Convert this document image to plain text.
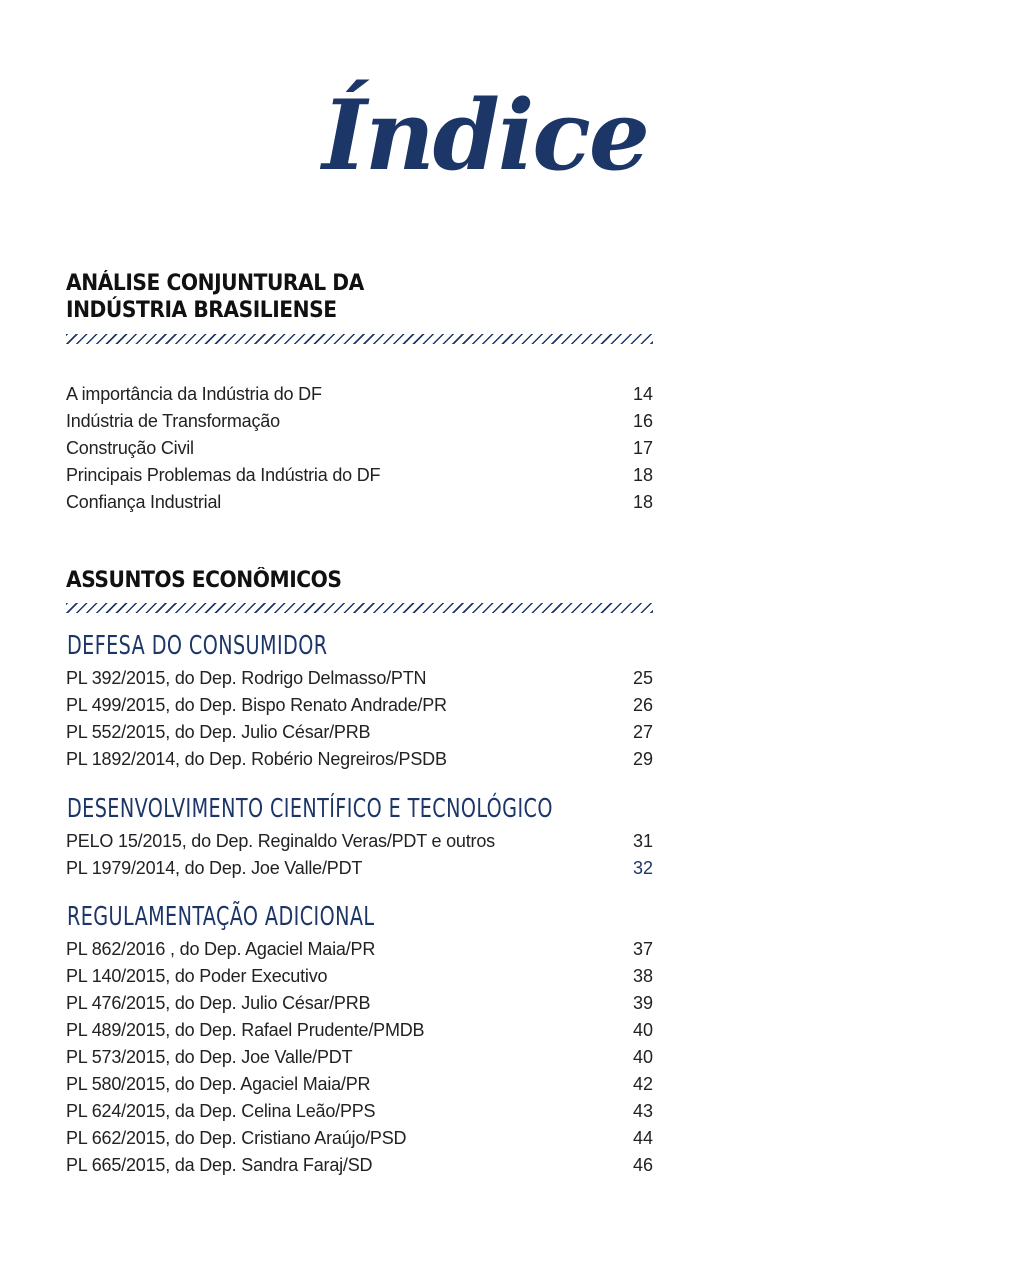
Índice
ANÁLISE CONJUNTURAL DA
INDÚSTRIA BRASILIENSE
A importância da Indústria do DF	14
Indústria de Transformação	16
Construção Civil	17
Principais Problemas da Indústria do DF	18
Confiança Industrial	18
ASSUNTOS ECONÔMICOS
DEFESA DO CONSUMIDOR
PL 392/2015, do Dep. Rodrigo Delmasso/PTN	25
PL 499/2015, do Dep. Bispo Renato Andrade/PR	26
PL 552/2015, do Dep. Julio César/PRB	27
PL 1892/2014, do Dep. Robério Negreiros/PSDB	29
DESENVOLVIMENTO CIENTÍFICO E TECNOLÓGICO
PELO 15/2015, do Dep. Reginaldo Veras/PDT e outros	31
PL 1979/2014, do Dep. Joe Valle/PDT	32
REGULAMENTAÇÃO ADICIONAL
PL 862/2016 , do Dep. Agaciel Maia/PR	37
PL 140/2015, do Poder Executivo	38
PL 476/2015, do Dep. Julio César/PRB	39
PL 489/2015, do Dep. Rafael Prudente/PMDB	40
PL 573/2015, do Dep. Joe Valle/PDT	40
PL 580/2015, do Dep. Agaciel Maia/PR	42
PL 624/2015, da Dep. Celina Leão/PPS	43
PL 662/2015, do Dep. Cristiano Araújo/PSD	44
PL 665/2015, da Dep. Sandra Faraj/SD	46
